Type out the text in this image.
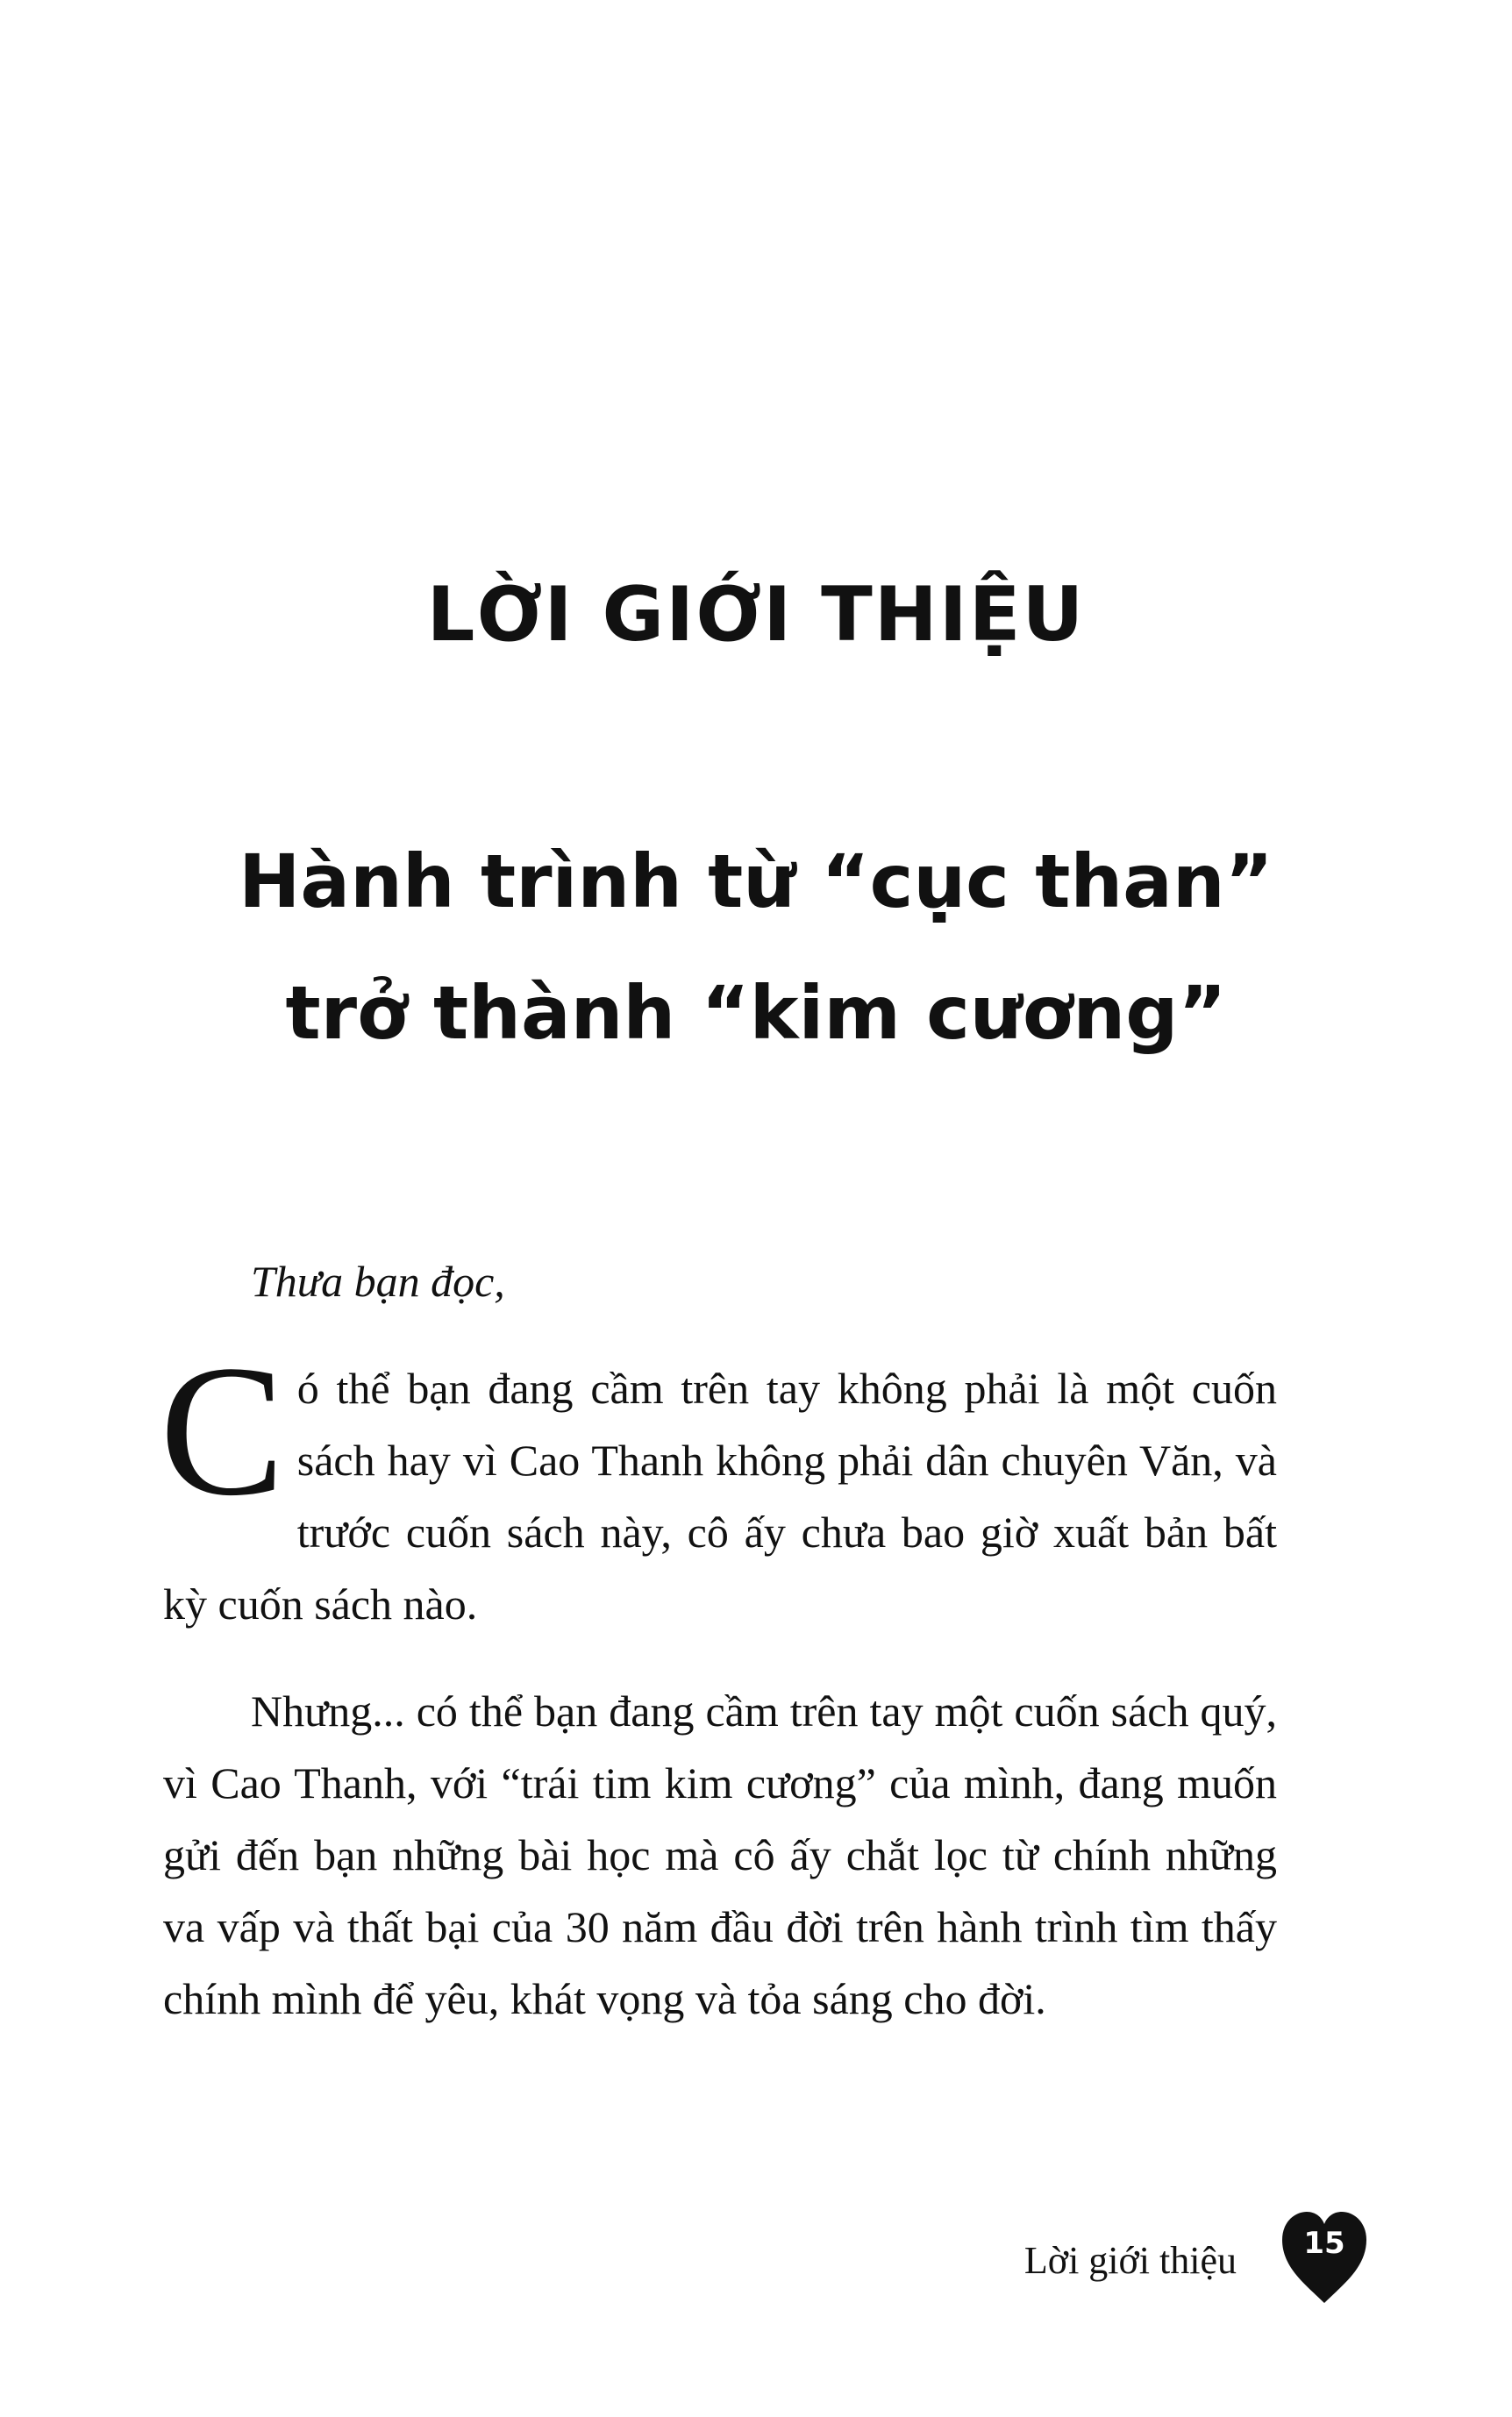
LỜI GIỚI THIỆU
Hành trình từ “cục than”
trở thành “kim cương”

Thưa bạn đọc,

Có thể bạn đang cầm trên tay không phải là một cuốn sách hay vì Cao Thanh không phải dân chuyên Văn, và trước cuốn sách này, cô ấy chưa bao giờ xuất bản bất kỳ cuốn sách nào.

Nhưng... có thể bạn đang cầm trên tay một cuốn sách quý, vì Cao Thanh, với “trái tim kim cương” của mình, đang muốn gửi đến bạn những bài học mà cô ấy chắt lọc từ chính những va vấp và thất bại của 30 năm đầu đời trên hành trình tìm thấy chính mình để yêu, khát vọng và tỏa sáng cho đời.

Lời giới thiệu	15
